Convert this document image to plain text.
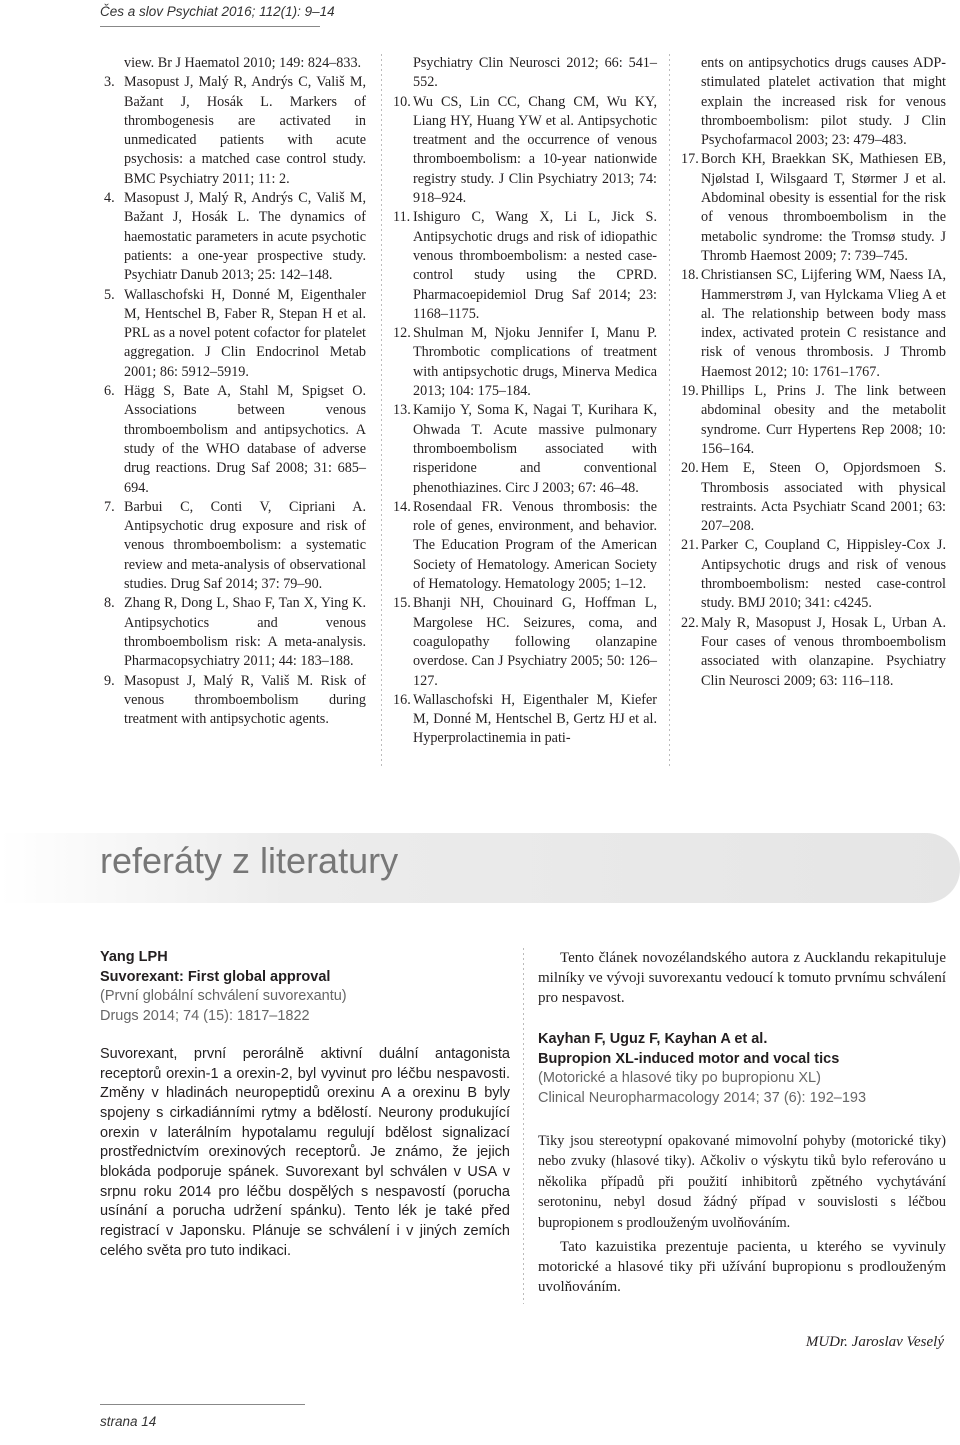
Čes a slov Psychiat 2016; 112(1): 9–14
view. Br J Haematol 2010; 149: 824–833.
3. Masopust J, Malý R, Andrýs C, Vališ M, Bažant J, Hosák L. Markers of thrombogenesis are activated in unmedicated patients with acute psychosis: a matched case control study. BMC Psychiatry 2011; 11: 2.
4. Masopust J, Malý R, Andrýs C, Vališ M, Bažant J, Hosák L. The dynamics of haemostatic parameters in acute psychotic patients: a one-year prospective study. Psychiatr Danub 2013; 25: 142–148.
5. Wallaschofski H, Donné M, Eigenthaler M, Hentschel B, Faber R, Stepan H et al. PRL as a novel potent cofactor for platelet aggregation. J Clin Endocrinol Metab 2001; 86: 5912–5919.
6. Hägg S, Bate A, Stahl M, Spigset O. Associations between venous thromboembolism and antipsychotics. A study of the WHO database of adverse drug reactions. Drug Saf 2008; 31: 685–694.
7. Barbui C, Conti V, Cipriani A. Antipsychotic drug exposure and risk of venous thromboembolism: a systematic review and meta-analysis of observational studies. Drug Saf 2014; 37: 79–90.
8. Zhang R, Dong L, Shao F, Tan X, Ying K. Antipsychotics and venous thromboembolism risk: A meta-analysis. Pharmacopsychiatry 2011; 44: 183–188.
9. Masopust J, Malý R, Vališ M. Risk of venous thromboembolism during treatment with antipsychotic agents.
Psychiatry Clin Neurosci 2012; 66: 541–552.
10. Wu CS, Lin CC, Chang CM, Wu KY, Liang HY, Huang YW et al. Antipsychotic treatment and the occurrence of venous thromboembolism: a 10-year nationwide registry study. J Clin Psychiatry 2013; 74: 918–924.
11. Ishiguro C, Wang X, Li L, Jick S. Antipsychotic drugs and risk of idiopathic venous thromboembolism: a nested case-control study using the CPRD. Pharmacoepidemiol Drug Saf 2014; 23: 1168–1175.
12. Shulman M, Njoku Jennifer I, Manu P. Thrombotic complications of treatment with antipsychotic drugs, Minerva Medica 2013; 104: 175–184.
13. Kamijo Y, Soma K, Nagai T, Kurihara K, Ohwada T. Acute massive pulmonary thromboembolism associated with risperidone and conventional phenothiazines. Circ J 2003; 67: 46–48.
14. Rosendaal FR. Venous thrombosis: the role of genes, environment, and behavior. The Education Program of the American Society of Hematology. American Society of Hematology. Hematology 2005; 1–12.
15. Bhanji NH, Chouinard G, Hoffman L, Margolese HC. Seizures, coma, and coagulopathy following olanzapine overdose. Can J Psychiatry 2005; 50: 126–127.
16. Wallaschofski H, Eigenthaler M, Kiefer M, Donné M, Hentschel B, Gertz HJ et al. Hyperprolactinemia in pati-
ents on antipsychotics drugs causes ADP-stimulated platelet activation that might explain the increased risk for venous thromboembolism: pilot study. J Clin Psychofarmacol 2003; 23: 479–483.
17. Borch KH, Braekkan SK, Mathiesen EB, Njølstad I, Wilsgaard T, Størmer J et al. Abdominal obesity is essential for the risk of venous thromboembolism in the metabolic syndrome: the Tromsø study. J Thromb Haemost 2009; 7: 739–745.
18. Christiansen SC, Lijfering WM, Naess IA, Hammerstrøm J, van Hylckama Vlieg A et al. The relationship between body mass index, activated protein C resistance and risk of venous thrombosis. J Thromb Haemost 2012; 10: 1761–1767.
19. Phillips L, Prins J. The link between abdominal obesity and the metabolit syndrome. Curr Hypertens Rep 2008; 10: 156–164.
20. Hem E, Steen O, Opjordsmoen S. Thrombosis associated with physical restraints. Acta Psychiatr Scand 2001; 63: 207–208.
21. Parker C, Coupland C, Hippisley-Cox J. Antipsychotic drugs and risk of venous thromboembolism: nested case-control study. BMJ 2010; 341: c4245.
22. Maly R, Masopust J, Hosak L, Urban A. Four cases of venous thromboembolism associated with olanzapine. Psychiatry Clin Neurosci 2009; 63: 116–118.
referáty z literatury
Yang LPH
Suvorexant: First global approval
(První globální schválení suvorexantu)
Drugs 2014; 74 (15): 1817–1822
Suvorexant, první perorálně aktivní duální antagonista receptorů orexin-1 a orexin-2, byl vyvinut pro léčbu nespavosti. Změny v hladinách neuropeptidů orexinu A a orexinu B byly spojeny s cirkadiánními rytmy a bdělostí. Neurony produkující orexin v laterálním hypotalamu regulují bdělost signalizací prostřednictvím orexinových receptorů. Je známo, že jejich blokáda podporuje spánek. Suvorexant byl schválen v USA v srpnu roku 2014 pro léčbu dospělých s nespavostí (porucha usínání a porucha udržení spánku). Tento lék je také před registrací v Japonsku. Plánuje se schválení i v jiných zemích celého světa pro tuto indikaci.

Tento článek novozélandského autora z Aucklandu rekapituluje milníky ve vývoji suvorexantu vedoucí k tomuto prvnímu schválení pro nespavost.

Kayhan F, Uguz F, Kayhan A et al.
Bupropion XL-induced motor and vocal tics
(Motorické a hlasové tiky po bupropionu XL)
Clinical Neuropharmacology 2014; 37 (6): 192–193

Tiky jsou stereotypní opakované mimovolní pohyby (motorické tiky) nebo zvuky (hlasové tiky). Ačkoliv o výskytu tiků bylo referováno u několika případů při použití inhibitorů zpětného vychytávání serotoninu, nebyl dosud žádný případ v souvislosti s léčbou bupropionem s prodlouženým uvolňováním.

Tato kazuistika prezentuje pacienta, u kterého se vyvinuly motorické a hlasové tiky při užívání bupropionu s prodlouženým uvolňováním.

MUDr. Jaroslav Veselý
strana 14
